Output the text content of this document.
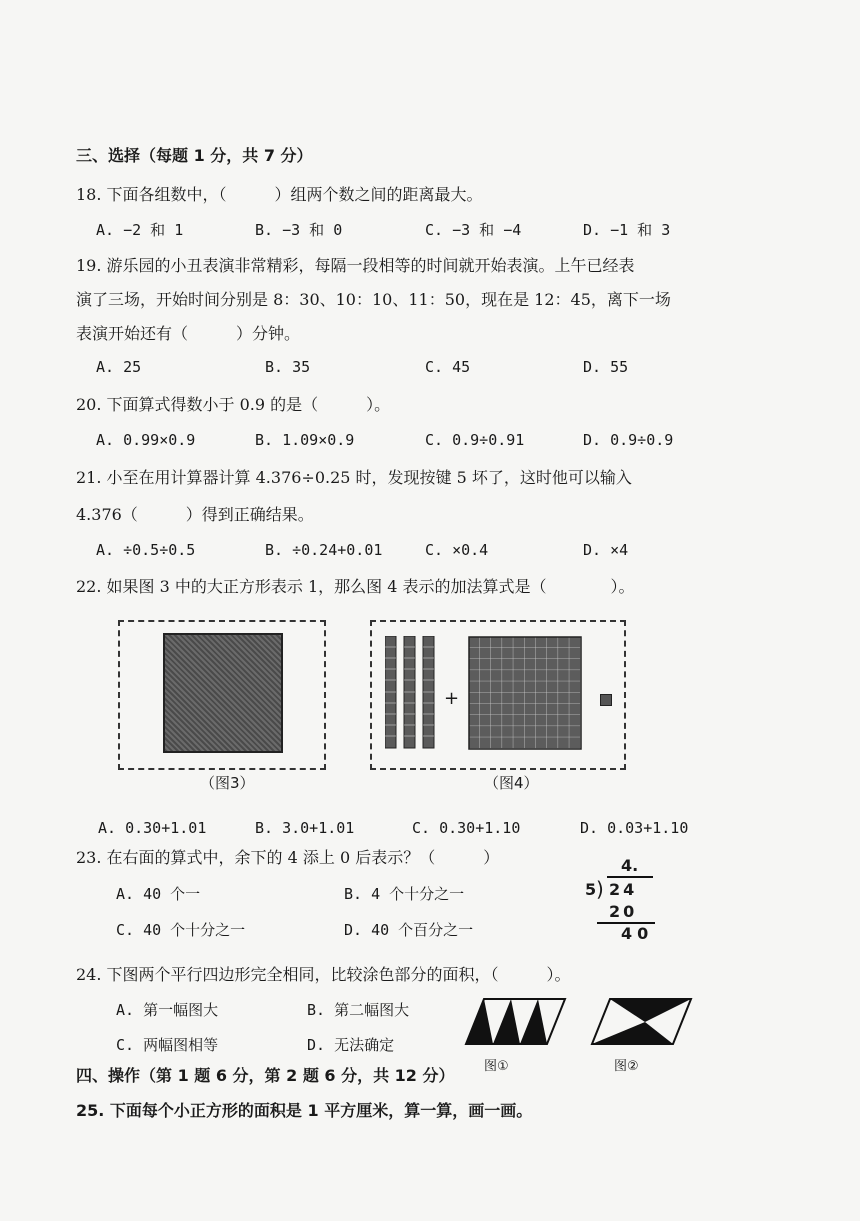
三、选择（每题 1 分，共 7 分）
18. 下面各组数中，（　　　）组两个数之间的距离最大。
A. −2 和 1	B. −3 和 0	C. −3 和 −4	D. −1 和 3
19. 游乐园的小丑表演非常精彩，每隔一段相等的时间就开始表演。上午已经表
演了三场，开始时间分别是 8：30、10：10、11：50，现在是 12：45，离下一场
表演开始还有（　　　）分钟。
A. 25	B. 35	C. 45	D. 55
20. 下面算式得数小于 0.9 的是（　　　）。
A. 0.99×0.9	B. 1.09×0.9	C. 0.9÷0.91	D. 0.9÷0.9
21. 小至在用计算器计算 4.376÷0.25 时，发现按键 5 坏了，这时他可以输入
4.376（　　　）得到正确结果。
A. ÷0.5÷0.5	B. ÷0.24+0.01	C. ×0.4	D. ×4
22. 如果图 3 中的大正方形表示 1，那么图 4 表示的加法算式是（　　　　）。
（图3）
+
（图4）
A. 0.30+1.01	B. 3.0+1.01	C. 0.30+1.10	D. 0.03+1.10
23. 在右面的算式中，余下的 4 添上 0 后表示？（　　　）
A. 40 个一	B. 4 个十分之一
C. 40 个十分之一	D. 40 个百分之一
4.
5 ) 24
20
40
24. 下图两个平行四边形完全相同，比较涂色部分的面积，（　　　）。
A. 第一幅图大	B. 第二幅图大
C. 两幅图相等	D. 无法确定
图①	图②
四、操作（第 1 题 6 分，第 2 题 6 分，共 12 分）
25. 下面每个小正方形的面积是 1 平方厘米，算一算，画一画。
